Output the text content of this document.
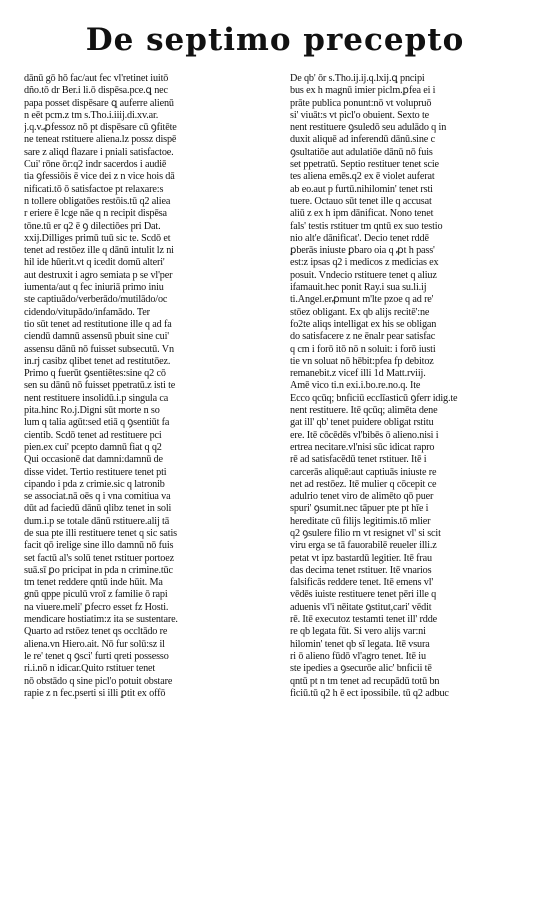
De septimo precepto
dānū gō hō fac/aut fec vl'retinet iuitō
dño.tō dr Ber.i li.ō dispēsa.pce.ꝗ nec
papa posset dispēsare ꝗ auferre alienū
n eēt pcm.z tm s.Tho.i.iiij.di.xv.ar.
j.q.v.ꝓfessoz nō pt dispēsare cū ꝯfitēte
ne teneat rstituere aliena.lz possz dispē
sare z aliqd flazare i pniali satisfactoe.
Cui' rōne ōr:q2 indr sacerdos i audiē
tia ꝯfessiōis ē vice dei z n vice hois dā
nificati.tō ō satisfactoe pt relaxare:s
n tollere obligatōes restōis.tū q2 aliea
r eriere ē lcge nāe q n recipit dispēsa
tōne.tū er q2 ē ꝯ dilectiōes pri Dat.
xxij.Dilliges primū tuū sic te. Scdō et
tenet ad restōez ille q dānū intulit lz ni
hil ide hūerit.vt q icedit domū alteri'
aut destruxit i agro semiata p se vl'per
iumenta/aut q fec iniuriā primo iniu
ste captiuādo/verberādo/mutilādo/oc
cidendo/vitupādo/infamādo. Ter
tio sūt tenet ad restitutione ille q ad fa
ciendū damnū assensū pbuit sine cui'
assensu dānū nō fuisset subsecutū. Vn
in.rj casibz qlibet tenet ad restitutōez.
Primo q fuerūt ꝯsentiētes:sine q2 cō
sen su dānū nō fuisset ppetratū.z isti te
nent restituere insolidū.i.p singula ca
pita.hinc Ro.j.Digni sūt morte n so
lum q talia agūt:sed etiā q ꝯsentiūt fa
cientib. Scdō tenet ad restituere pci
pien.ex cui' pcepto damnū fiat q q2
Qui occasionē dat damni:damnū de
disse videt. Tertio restituere tenet pti
cipando i pda z crimie.sic q latronib
se associat.nā oēs q i vna comitiua va
dūt ad faciedū dānū qlibz tenet in soli
dum.i.p se totale dānū rstituere.alij tā
de sua pte illi restituere tenet q sic satis
facit qō irelige sine illo damnū nō fuis
set factū al's solū tenet rstituer portoez
suā.sī ꝑo pricipat in pda n crimine.tūc
tm tenet reddere qntū inde hūit. Ma
gnū qppe piculū vroī z familie ō rapi
na viuere.meli' ꝑfecro esset fz Hosti.
mendicare hostiatim:z ita se sustentare.
Quarto ad rstōez tenet qs occltādo re
aliena.vn Hiero.ait. Nō fur solū:sz il
le re' tenet q ꝯsci' furti qreti possesso
ri.i.nō n idicar.Quito rstituer tenet
nō obstādo q sine picl'o potuit obstare
rapie z n fec.pserti si illi ꝑtit ex offō
De qb' ōr s.Tho.ij.ij.q.lxij.ꝗ pncipi
bus ex h magnū imier piclm.ꝑfea ei i
prāte publica ponunt:nō vt volupruō
si' viuāt:s vt picl'o obuient. Sexto te
nent restituere ꝯsuledō seu adulādo q in
duxit aliquē ad inferendū dānū.sine c
ꝯsultatiōe aut adulatiōe dānū nō fuis
set ppetratū. Septio restituer tenet scie
tes aliena emēs.q2 ex ē violet auferat
ab eo.aut p furtū.nihilomin' tenet rsti
tuere. Octauo sūt tenet ille q accusat
aliū z ex h ipm dānificat. Nono tenet
fals' testis rstituer tm qntū ex suo testio
nio alt'e dānificat'. Decio tenet rddē
ꝑberās iniuste ꝑbaro oia q ꝓt h pass'
est:z ipsas q2 i medicos z medicias ex
posuit. Vndecio rstituere tenet q aliuz
ifamauit.hec ponit Ray.i sua su.li.ij
ti.Angel.erꝓmunt m'lte pzoe q ad re'
stōez obligant. Ex qb alijs recitē':ne
fo2te aliqs intelligat ex his se obligan
do satisfacere z ne ēnalr pear satisfac
q cm i forō itō nō n soluit: i forō iusti
tie vn soluat nō hēbit:pfea fp debitoz
remanebit.z vicef illi 1d Matt.rviij.
Amē vico ti.n exi.i.bo.re.no.q. Ite
Ecco qcūq; bnficiū ecclīasticū ꝯferr idig.te
nent restituere. Itē qcūq; alimēta dene
gat ill' qb' tenet puidere obligat rstitu
ere. Itē cōcēdēs vl'bibēs ō alieno.nisi i
ertrea necitare.vl'nisi sūc idicat rapro
rē ad satisfacēdū tenet rstituer. Itē i
carcerās aliquē:aut captiuās iniuste re
net ad restōez. Itē mulier q cōcepit ce
adulrio tenet viro de alimēto qō puer
spuri' ꝯsumit.nec tāpuer pte pt hīe i
hereditate cū filijs legitimis.tō mlier
q2 ꝯsulere filio rn vt resignet vl' si scit
viru erga se tā fauorabilē reueler illi.z
petat vt ipz bastardū legitier. Itē frau
das decima tenet rstituer. Itē vnarios
falsificās reddere tenet. Itē emens vl'
vēdēs iuiste restituere tenet pēri ille q
aduenis vl'i nēitate ꝯstitut,cari' vēdit
rē. Itē executoz testamti tenet ill' rdde
re qb legata fūt. Si vero alijs var:ni
hilomin' tenet qb sī legata. Itē vsura
ri ō alieno fūdō vl'agro tenet. Itē iu
ste ipedies a ꝯsecurōe alic' bnficii tē
qntū pt n tm tenet ad recupādū totū bn
ficiū.tū q2 h ē ect ipossibile. tū q2 adbuc
